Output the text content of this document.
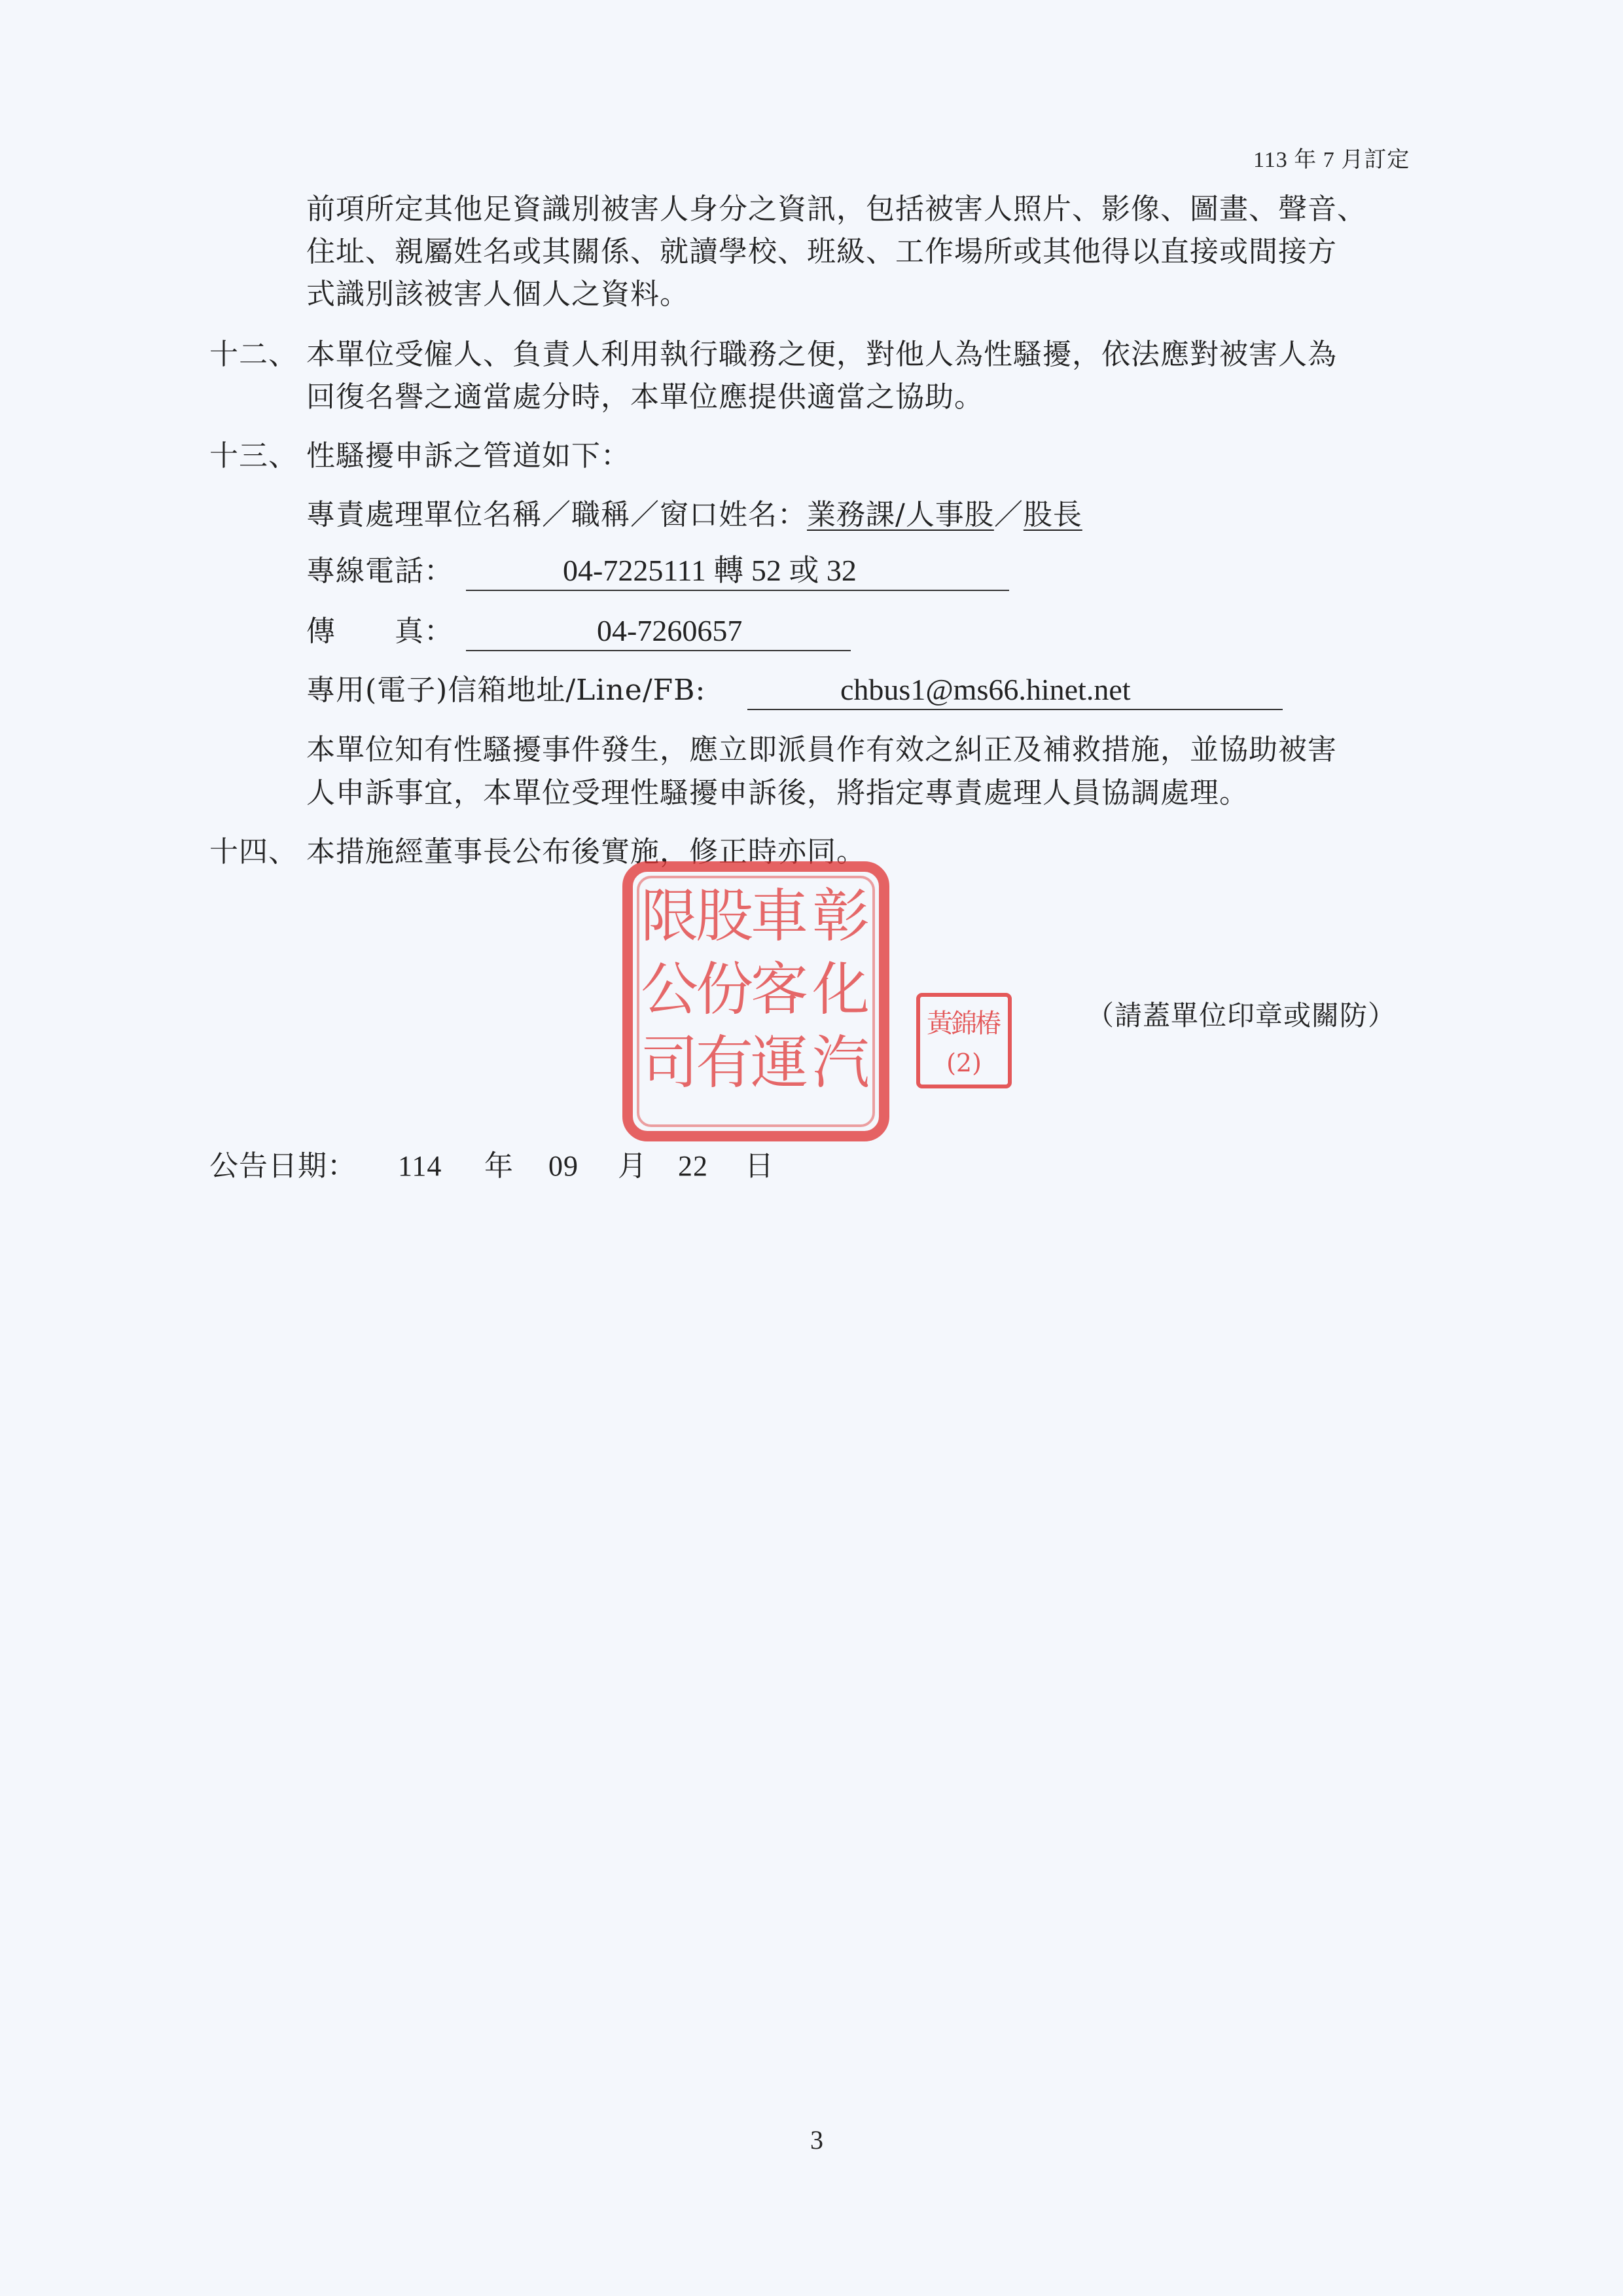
113 年 7 月訂定
前項所定其他足資識別被害人身分之資訊，包括被害人照片、影像、圖畫、聲音、
住址、親屬姓名或其關係、就讀學校、班級、工作場所或其他得以直接或間接方
式識別該被害人個人之資料。
十二、 本單位受僱人、負責人利用執行職務之便，對他人為性騷擾，依法應對被害人為
回復名譽之適當處分時，本單位應提供適當之協助。
十三、 性騷擾申訴之管道如下：
專責處理單位名稱／職稱／窗口姓名：業務課/人事股／股長
專線電話：	04-7225111 轉 52 或 32
傳　　真：	04-7260657
專用(電子)信箱地址/Line/FB:	chbus1@ms66.hinet.net
本單位知有性騷擾事件發生，應立即派員作有效之糾正及補救措施，並協助被害
人申訴事宜，本單位受理性騷擾申訴後，將指定專責處理人員協調處理。
十四、 本措施經董事長公布後實施，修正時亦同。
彰
化
汽
車
客
運
股
份
有
限
公
司
椿
錦
黃
(2)
（請蓋單位印章或關防）
公告日期： 114 年 09 月 22 日
3
